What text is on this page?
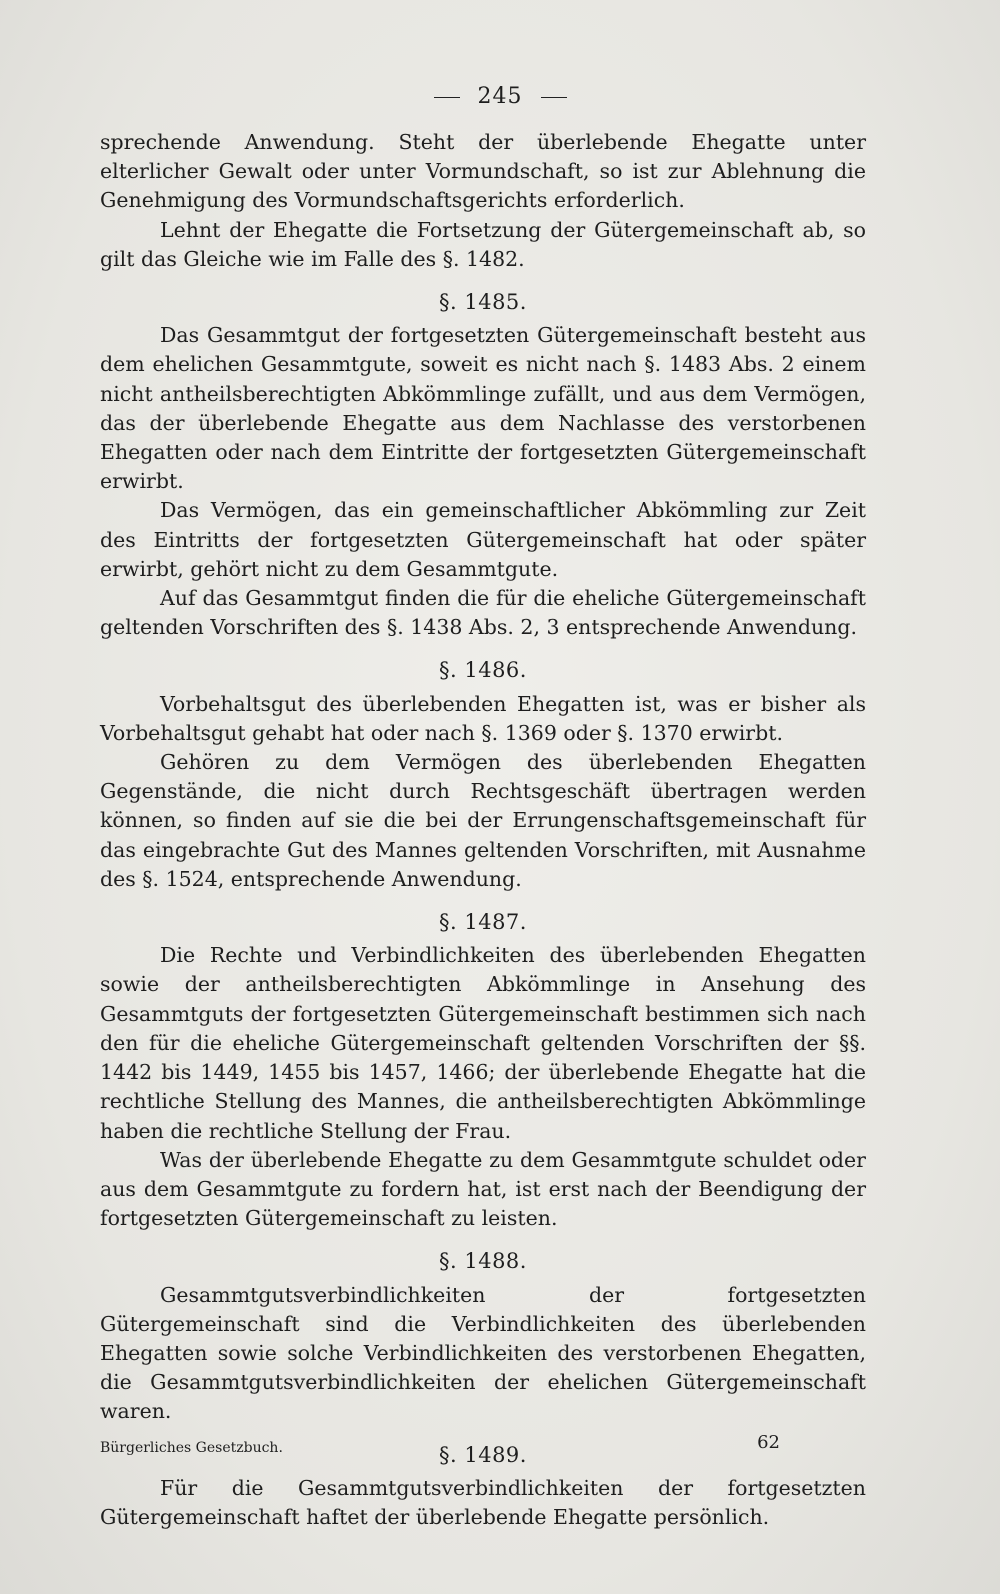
245

sprechende Anwendung. Steht der überlebende Ehegatte unter elterlicher Gewalt oder unter Vormundschaft, so ist zur Ablehnung die Genehmigung des Vormundschaftsgerichts erforderlich.

Lehnt der Ehegatte die Fortsetzung der Gütergemeinschaft ab, so gilt das Gleiche wie im Falle des §. 1482.

§. 1485.

Das Gesammtgut der fortgesetzten Gütergemeinschaft besteht aus dem ehelichen Gesammtgute, soweit es nicht nach §. 1483 Abs. 2 einem nicht antheilsberechtigten Abkömmlinge zufällt, und aus dem Vermögen, das der überlebende Ehegatte aus dem Nachlasse des verstorbenen Ehegatten oder nach dem Eintritte der fortgesetzten Gütergemeinschaft erwirbt.

Das Vermögen, das ein gemeinschaftlicher Abkömmling zur Zeit des Eintritts der fortgesetzten Gütergemeinschaft hat oder später erwirbt, gehört nicht zu dem Gesammtgute.

Auf das Gesammtgut finden die für die eheliche Gütergemeinschaft geltenden Vorschriften des §. 1438 Abs. 2, 3 entsprechende Anwendung.

§. 1486.

Vorbehaltsgut des überlebenden Ehegatten ist, was er bisher als Vorbehaltsgut gehabt hat oder nach §. 1369 oder §. 1370 erwirbt.

Gehören zu dem Vermögen des überlebenden Ehegatten Gegenstände, die nicht durch Rechtsgeschäft übertragen werden können, so finden auf sie die bei der Errungenschaftsgemeinschaft für das eingebrachte Gut des Mannes geltenden Vorschriften, mit Ausnahme des §. 1524, entsprechende Anwendung.

§. 1487.

Die Rechte und Verbindlichkeiten des überlebenden Ehegatten sowie der antheilsberechtigten Abkömmlinge in Ansehung des Gesammtguts der fortgesetzten Gütergemeinschaft bestimmen sich nach den für die eheliche Gütergemeinschaft geltenden Vorschriften der §§. 1442 bis 1449, 1455 bis 1457, 1466; der überlebende Ehegatte hat die rechtliche Stellung des Mannes, die antheilsberechtigten Abkömmlinge haben die rechtliche Stellung der Frau.

Was der überlebende Ehegatte zu dem Gesammtgute schuldet oder aus dem Gesammtgute zu fordern hat, ist erst nach der Beendigung der fortgesetzten Gütergemeinschaft zu leisten.

§. 1488.

Gesammtgutsverbindlichkeiten der fortgesetzten Gütergemeinschaft sind die Verbindlichkeiten des überlebenden Ehegatten sowie solche Verbindlichkeiten des verstorbenen Ehegatten, die Gesammtgutsverbindlichkeiten der ehelichen Gütergemeinschaft waren.

§. 1489.

Für die Gesammtgutsverbindlichkeiten der fortgesetzten Gütergemeinschaft haftet der überlebende Ehegatte persönlich.

Bürgerliches Gesetzbuch.	62
